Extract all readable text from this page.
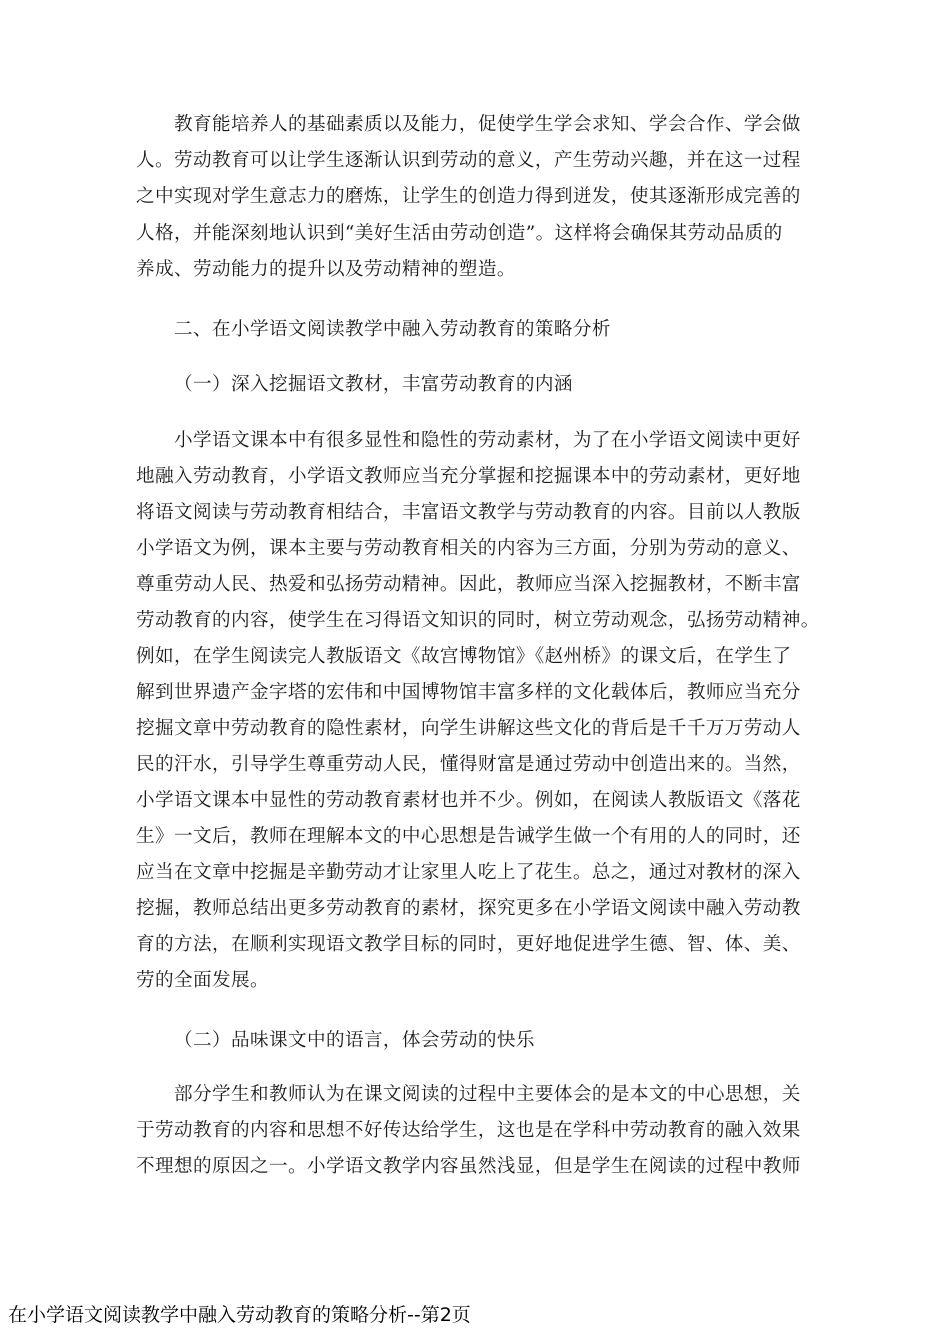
教育能培养人的基础素质以及能力，促使学生学会求知、学会合作、学会做
人。劳动教育可以让学生逐渐认识到劳动的意义，产生劳动兴趣，并在这一过程
之中实现对学生意志力的磨炼，让学生的创造力得到迸发，使其逐渐形成完善的
人格，并能深刻地认识到“美好生活由劳动创造”。这样将会确保其劳动品质的
养成、劳动能力的提升以及劳动精神的塑造。
二、在小学语文阅读教学中融入劳动教育的策略分析
（一）深入挖掘语文教材，丰富劳动教育的内涵
小学语文课本中有很多显性和隐性的劳动素材，为了在小学语文阅读中更好
地融入劳动教育，小学语文教师应当充分掌握和挖掘课本中的劳动素材，更好地
将语文阅读与劳动教育相结合，丰富语文教学与劳动教育的内容。目前以人教版
小学语文为例，课本主要与劳动教育相关的内容为三方面，分别为劳动的意义、
尊重劳动人民、热爱和弘扬劳动精神。因此，教师应当深入挖掘教材，不断丰富
劳动教育的内容，使学生在习得语文知识的同时，树立劳动观念，弘扬劳动精神。
例如，在学生阅读完人教版语文《故宫博物馆》《赵州桥》的课文后，在学生了
解到世界遗产金字塔的宏伟和中国博物馆丰富多样的文化载体后，教师应当充分
挖掘文章中劳动教育的隐性素材，向学生讲解这些文化的背后是千千万万劳动人
民的汗水，引导学生尊重劳动人民，懂得财富是通过劳动中创造出来的。当然，
小学语文课本中显性的劳动教育素材也并不少。例如，在阅读人教版语文《落花
生》一文后，教师在理解本文的中心思想是告诫学生做一个有用的人的同时，还
应当在文章中挖掘是辛勤劳动才让家里人吃上了花生。总之，通过对教材的深入
挖掘，教师总结出更多劳动教育的素材，探究更多在小学语文阅读中融入劳动教
育的方法，在顺利实现语文教学目标的同时，更好地促进学生德、智、体、美、
劳的全面发展。
（二）品味课文中的语言，体会劳动的快乐
部分学生和教师认为在课文阅读的过程中主要体会的是本文的中心思想，关
于劳动教育的内容和思想不好传达给学生，这也是在学科中劳动教育的融入效果
不理想的原因之一。小学语文教学内容虽然浅显，但是学生在阅读的过程中教师
在小学语文阅读教学中融入劳动教育的策略分析--第2页
